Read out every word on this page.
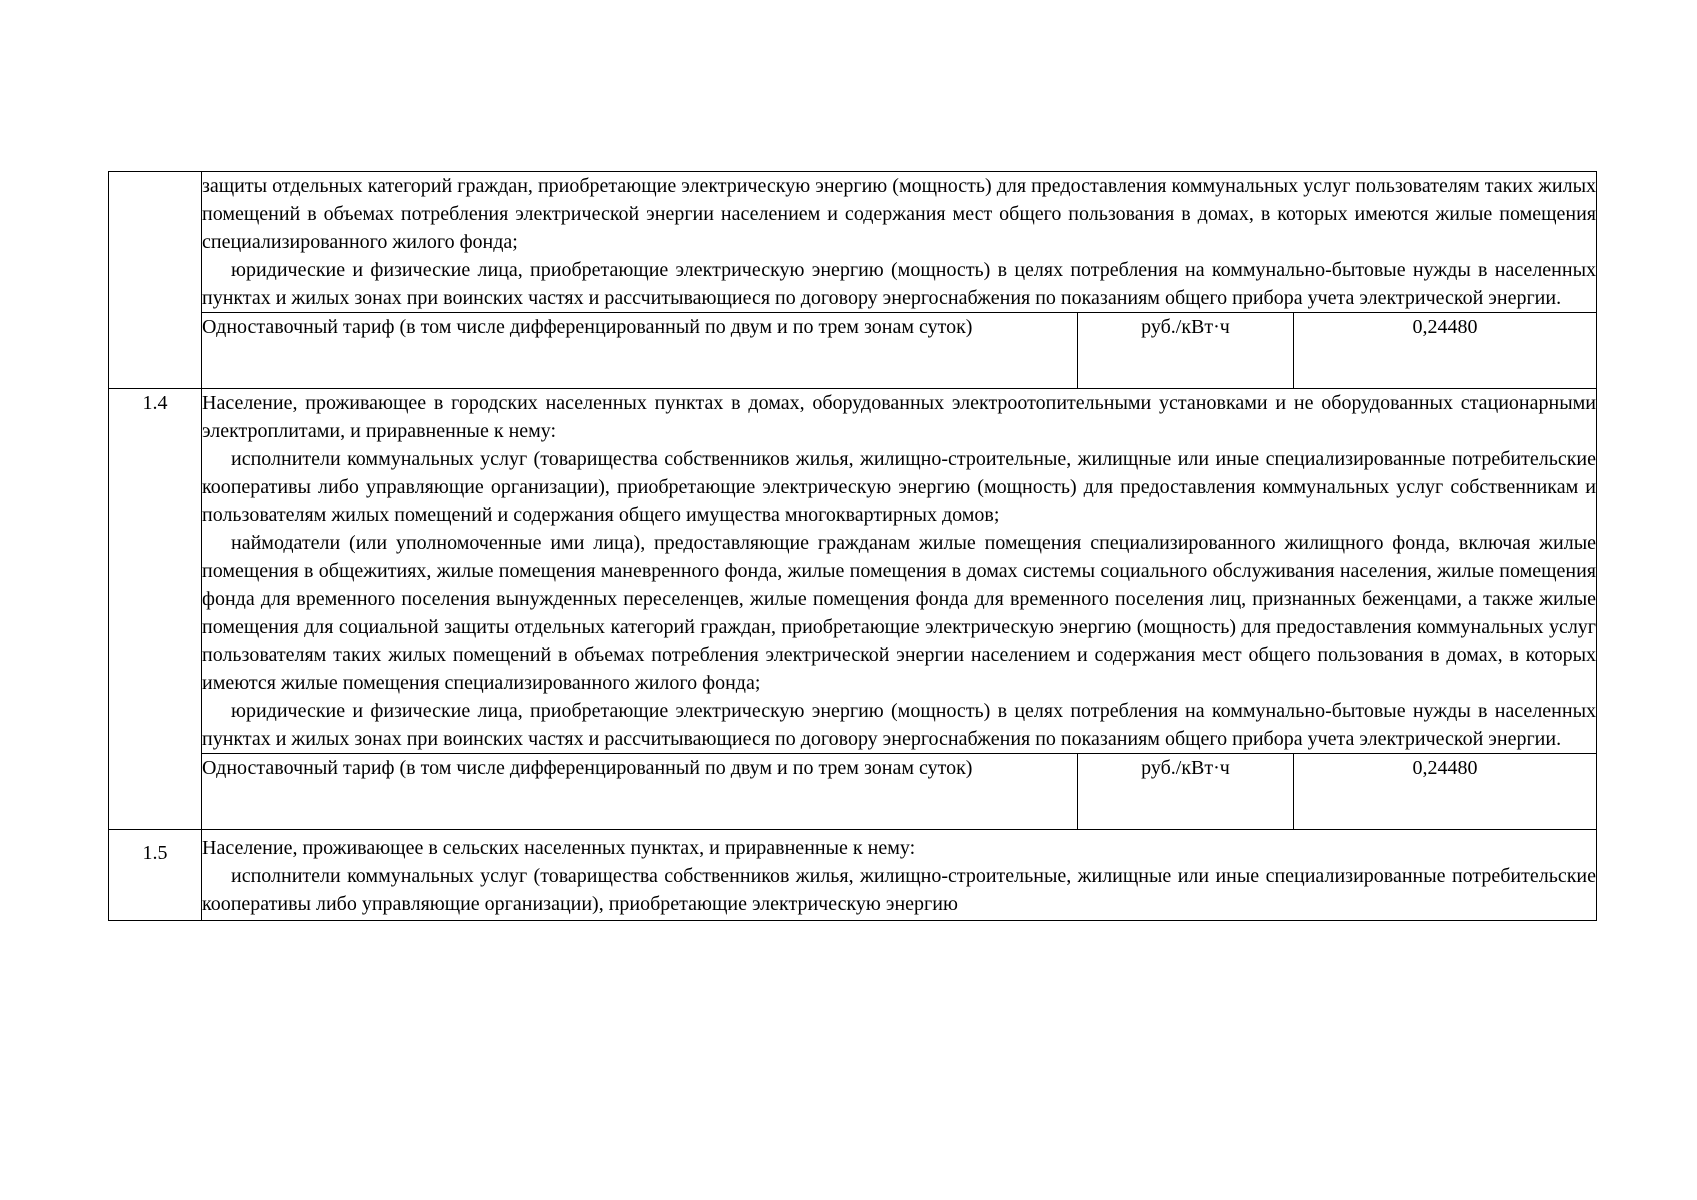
	защиты отдельных категорий граждан, приобретающие электрическую энергию (мощность) для предоставления коммунальных услуг пользователям таких жилых помещений в объемах потребления электрической энергии населением и содержания мест общего пользования в домах, в которых имеются жилые помещения специализированного жилого фонда;

юридические и физические лица, приобретающие электрическую энергию (мощность) в целях потребления на коммунально-бытовые нужды в населенных пунктах и жилых зонах при воинских частях и рассчитывающиеся по договору энергоснабжения по показаниям общего прибора учета электрической энергии.		

	Одноставочный тариф (в том числе дифференцированный по двум и по трем зонам суток)	руб./кВт·ч	0,24480
1.4	Население, проживающее в городских населенных пунктах в домах, оборудованных электроотопительными установками и не оборудованных стационарными электроплитами, и приравненные к нему:

исполнители коммунальных услуг (товарищества собственников жилья, жилищно-строительные, жилищные или иные специализированные потребительские кооперативы либо управляющие организации), приобретающие электрическую энергию (мощность) для предоставления коммунальных услуг собственникам и пользователям жилых помещений и содержания общего имущества многоквартирных домов;

наймодатели (или уполномоченные ими лица), предоставляющие гражданам жилые помещения специализированного жилищного фонда, включая жилые помещения в общежитиях, жилые помещения маневренного фонда, жилые помещения в домах системы социального обслуживания населения, жилые помещения фонда для временного поселения вынужденных переселенцев, жилые помещения фонда для временного поселения лиц, признанных беженцами, а также жилые помещения для социальной защиты отдельных категорий граждан, приобретающие электрическую энергию (мощность) для предоставления коммунальных услуг пользователям таких жилых помещений в объемах потребления электрической энергии населением и содержания мест общего пользования в домах, в которых имеются жилые помещения специализированного жилого фонда;

юридические и физические лица, приобретающие электрическую энергию (мощность) в целях потребления на коммунально-бытовые нужды в населенных пунктах и жилых зонах при воинских частях и рассчитывающиеся по договору энергоснабжения по показаниям общего прибора учета электрической энергии.		

	Одноставочный тариф (в том числе дифференцированный по двум и по трем зонам суток)	руб./кВт·ч	0,24480
1.5	Население, проживающее в сельских населенных пунктах, и приравненные к нему:

исполнители коммунальных услуг (товарищества собственников жилья, жилищно-строительные, жилищные или иные специализированные потребительские кооперативы либо управляющие организации), приобретающие электрическую энергию		
